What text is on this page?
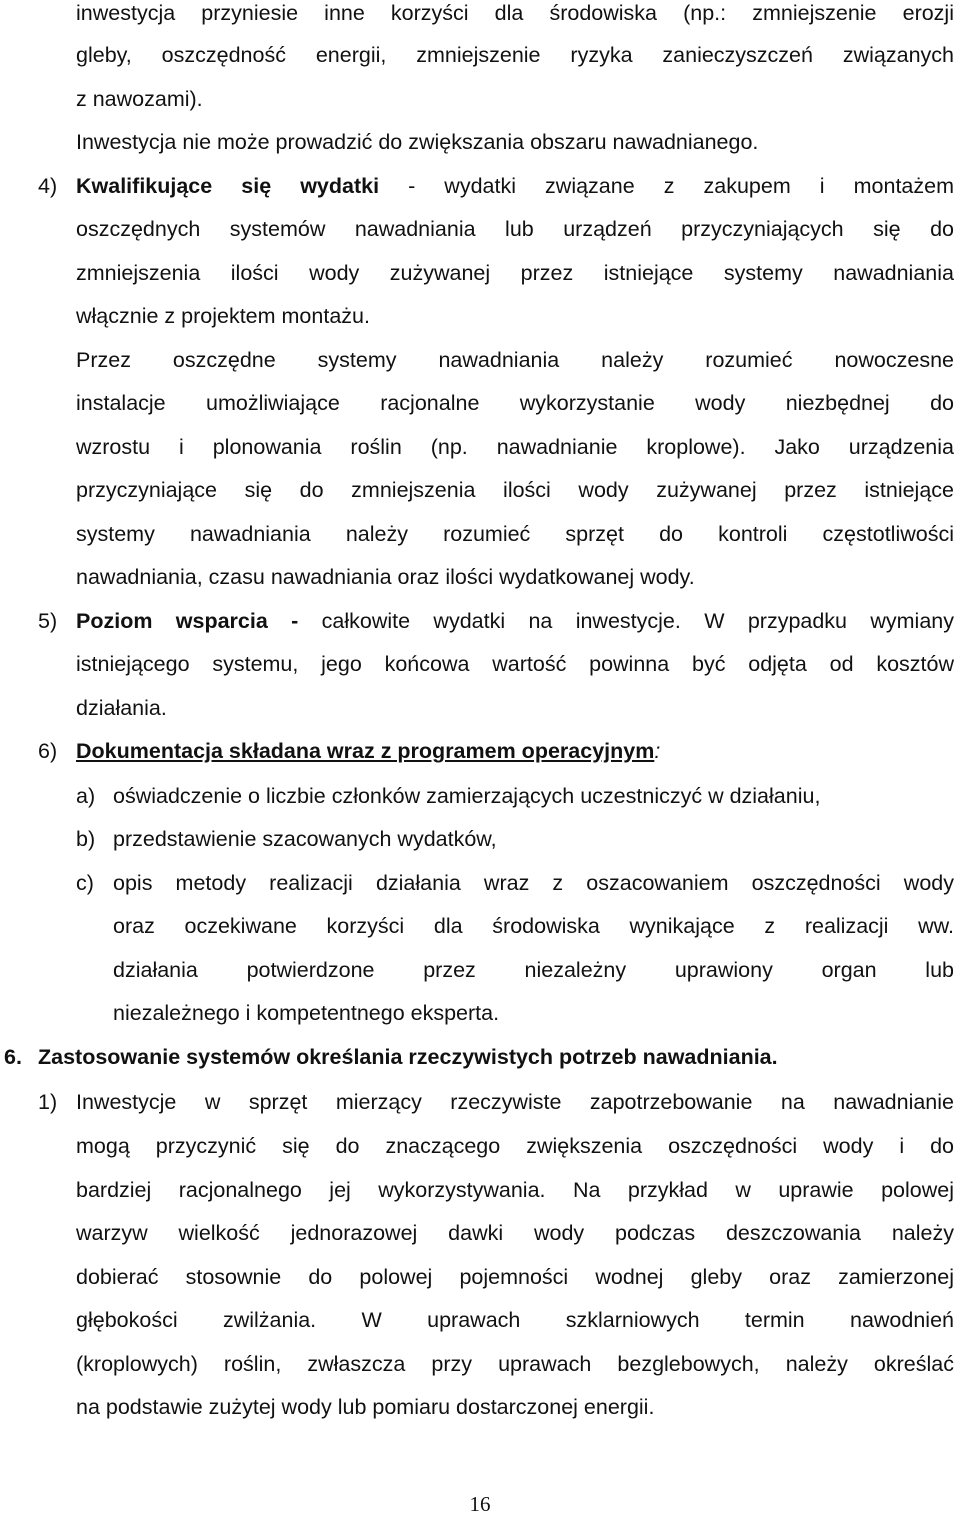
inwestycja przyniesie inne korzyści dla środowiska (np.: zmniejszenie erozji
gleby, oszczędność energii, zmniejszenie ryzyka zanieczyszczeń związanych
z nawozami).
Inwestycja nie może prowadzić do zwiększania obszaru nawadnianego.
4) Kwalifikujące się wydatki - wydatki związane z zakupem i montażem
oszczędnych systemów nawadniania lub urządzeń przyczyniających się do
zmniejszenia ilości wody zużywanej przez istniejące systemy nawadniania
włącznie z projektem montażu.
Przez oszczędne systemy nawadniania należy rozumieć nowoczesne
instalacje umożliwiające racjonalne wykorzystanie wody niezbędnej do
wzrostu i plonowania roślin (np. nawadnianie kroplowe). Jako urządzenia
przyczyniające się do zmniejszenia ilości wody zużywanej przez istniejące
systemy nawadniania należy rozumieć sprzęt do kontroli częstotliwości
nawadniania, czasu nawadniania oraz ilości wydatkowanej wody.
5) Poziom wsparcia - całkowite wydatki na inwestycje. W przypadku wymiany
istniejącego systemu, jego końcowa wartość powinna być odjęta od kosztów
działania.
6) Dokumentacja składana wraz z programem operacyjnym:
a) oświadczenie o liczbie członków zamierzających uczestniczyć w działaniu,
b) przedstawienie szacowanych wydatków,
c) opis metody realizacji działania wraz z oszacowaniem oszczędności wody
oraz oczekiwane korzyści dla środowiska wynikające z realizacji ww.
działania potwierdzone przez niezależny uprawiony organ lub
niezależnego i kompetentnego eksperta.
6. Zastosowanie systemów określania rzeczywistych potrzeb nawadniania.
1) Inwestycje w sprzęt mierzący rzeczywiste zapotrzebowanie na nawadnianie
mogą przyczynić się do znaczącego zwiększenia oszczędności wody i do
bardziej racjonalnego jej wykorzystywania. Na przykład w uprawie polowej
warzyw wielkość jednorazowej dawki wody podczas deszczowania należy
dobierać stosownie do polowej pojemności wodnej gleby oraz zamierzonej
głębokości zwilżania. W uprawach szklarniowych termin nawodnień
(kroplowych) roślin, zwłaszcza przy uprawach bezglebowych, należy określać
na podstawie zużytej wody lub pomiaru dostarczonej energii.
16
